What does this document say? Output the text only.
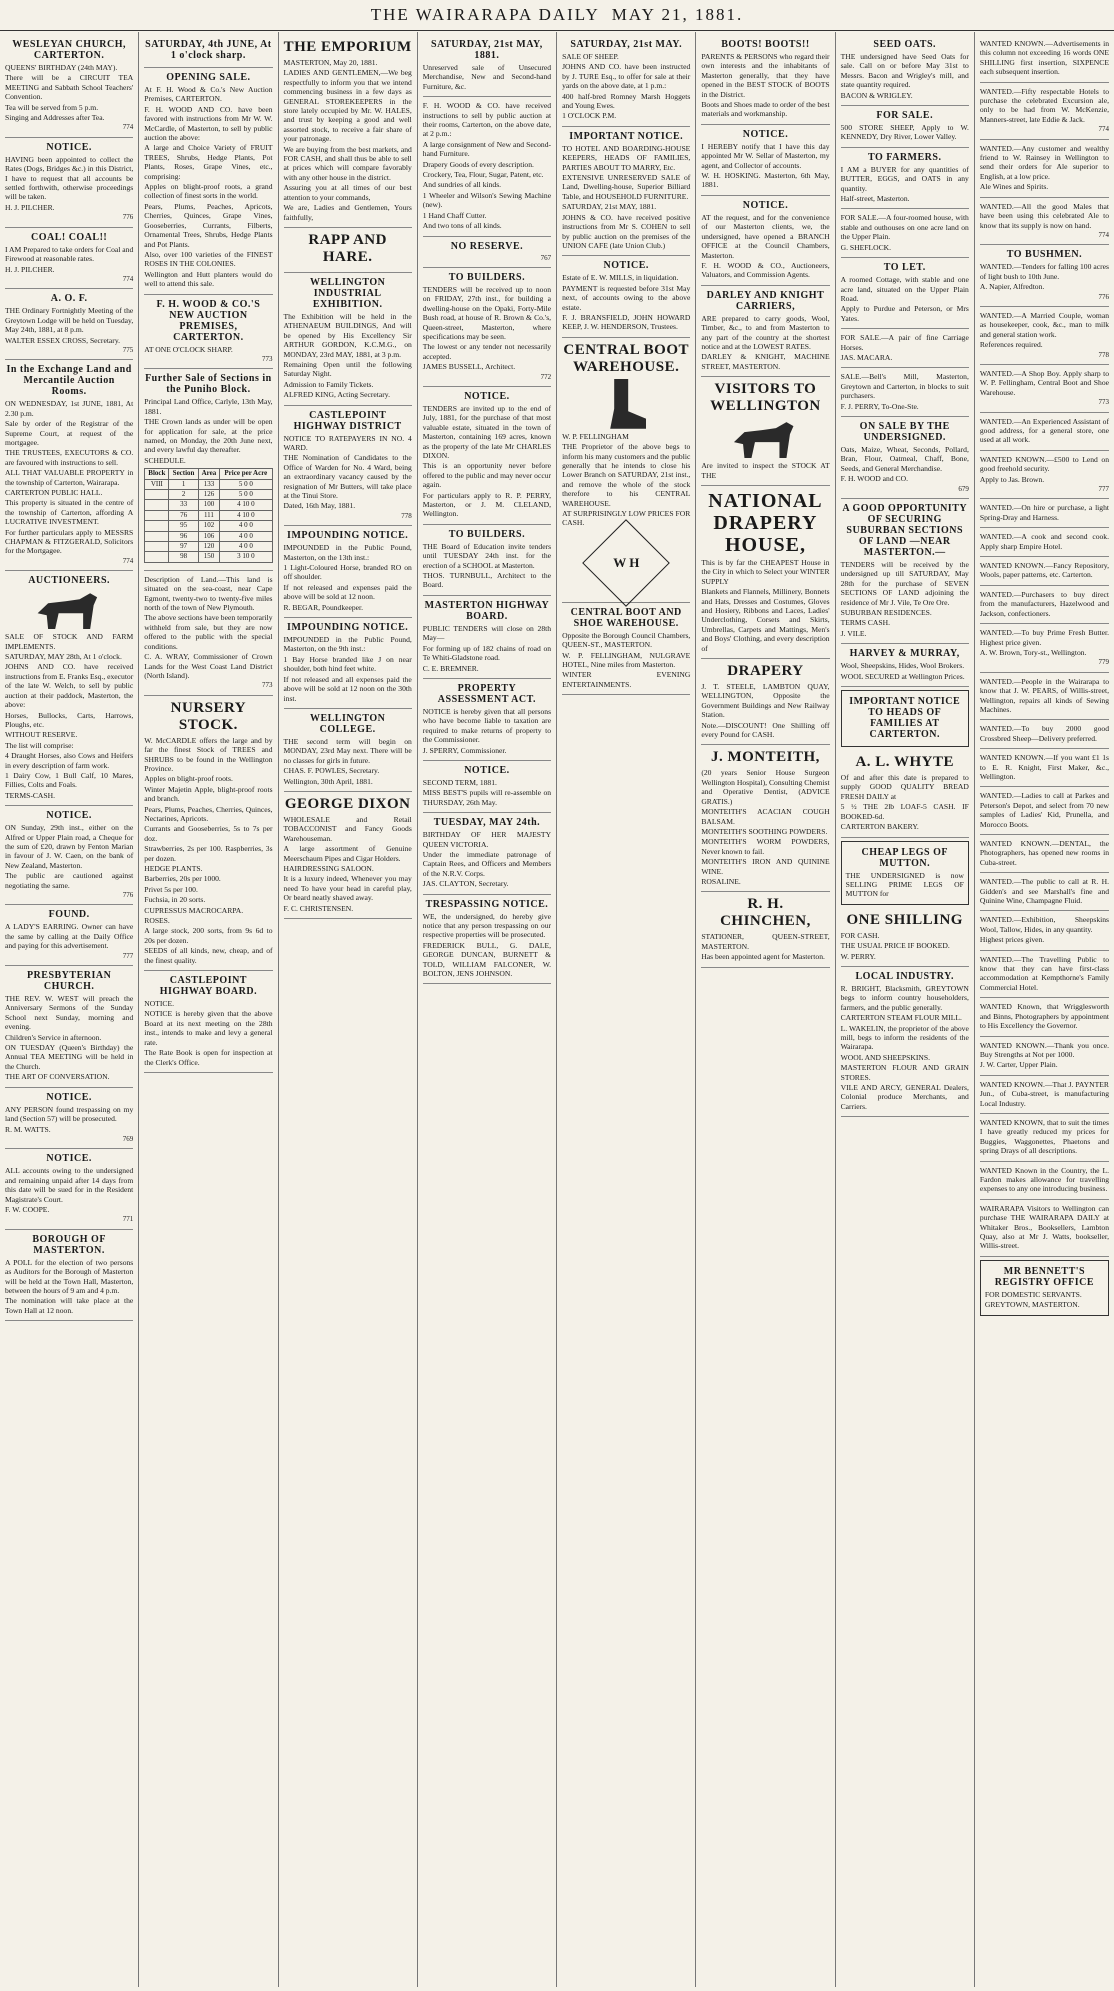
THE WAIRARAPA DAILY MAY 21, 1881.
WESLEYAN CHURCH, CARTERTON.

QUEENS' BIRTHDAY (24th MAY).

There will be a CIRCUIT TEA MEETING and Sabbath School Teachers' Convention.

Tea will be served from 5 p.m.

Singing and Addresses after Tea.

774
NOTICE.

HAVING been appointed to collect the Rates (Dogs, Bridges &c.) in this District, I have to request that all accounts be settled forthwith, otherwise proceedings will be taken.

H. J. PILCHER.

776
COAL! COAL!!

I AM Prepared to take orders for Coal and Firewood at reasonable rates.

H. J. PILCHER.

774
A. O. F.

THE Ordinary Fortnightly Meeting of the Greytown Lodge will be held on Tuesday, May 24th, 1881, at 8 p.m.

WALTER ESSEX CROSS, Secretary.

775
In the Exchange Land and Mercantile Auction Rooms.

ON WEDNESDAY, 1st JUNE, 1881, At 2.30 p.m.

Sale by order of the Registrar of the Supreme Court, at request of the mortgagee.

THE TRUSTEES, EXECUTORS & CO. are favoured with instructions to sell.

ALL THAT VALUABLE PROPERTY in the township of Carterton, Wairarapa.

CARTERTON PUBLIC HALL.

This property is situated in the centre of the township of Carterton, affording A LUCRATIVE INVESTMENT.

For further particulars apply to MESSRS CHAPMAN & FITZGERALD, Solicitors for the Mortgagee.

774
AUCTIONEERS.

SALE OF STOCK AND FARM IMPLEMENTS.

SATURDAY, MAY 28th, At 1 o'clock.

JOHNS AND CO. have received instructions from E. Franks Esq., executor of the late W. Welch, to sell by public auction at their paddock, Masterton, the above:

Horses, Bullocks, Carts, Harrows, Ploughs, etc.

WITHOUT RESERVE.

The list will comprise:

4 Draught Horses, also Cows and Heifers in every description of farm work.

1 Dairy Cow, 1 Bull Calf, 10 Mares, Fillies, Colts and Foals.

TERMS-CASH.

NOTICE.

ON Sunday, 29th inst., either on the Alfred or Upper Plain road, a Cheque for the sum of £20, drawn by Fenton Marian in favour of J. W. Caen, on the bank of New Zealand, Masterton.

The public are cautioned against negotiating the same.

776
FOUND.

A LADY'S EARRING. Owner can have the same by calling at the Daily Office and paying for this advertisement.

777
PRESBYTERIAN CHURCH.

THE REV. W. WEST will preach the Anniversary Sermons of the Sunday School next Sunday, morning and evening.

Children's Service in afternoon.

ON TUESDAY (Queen's Birthday) the Annual TEA MEETING will be held in the Church.

THE ART OF CONVERSATION.

NOTICE.

ANY PERSON found trespassing on my land (Section 57) will be prosecuted.

R. M. WATTS.

769
NOTICE.

ALL accounts owing to the undersigned and remaining unpaid after 14 days from this date will be sued for in the Resident Magistrate's Court.

F. W. COOPE.

771
BOROUGH OF MASTERTON.

A POLL for the election of two persons as Auditors for the Borough of Masterton will be held at the Town Hall, Masterton, between the hours of 9 am and 4 p.m.

The nomination will take place at the Town Hall at 12 noon.

SATURDAY, 4th JUNE, At 1 o'clock sharp.
OPENING SALE.

At F. H. Wood & Co.'s New Auction Premises, CARTERTON.

F. H. WOOD AND CO. have been favored with instructions from Mr W. W. McCardle, of Masterton, to sell by public auction the above:

A large and Choice Variety of FRUIT TREES, Shrubs, Hedge Plants, Pot Plants, Roses, Grape Vines, etc., comprising:

Apples on blight-proof roots, a grand collection of finest sorts in the world.

Pears, Plums, Peaches, Apricots, Cherries, Quinces, Grape Vines, Gooseberries, Currants, Filberts, Ornamental Trees, Shrubs, Hedge Plants and Pot Plants.

Also, over 100 varieties of the FINEST ROSES IN THE COLONIES.

Wellington and Hutt planters would do well to attend this sale.

F. H. WOOD & CO.'S NEW AUCTION PREMISES, CARTERTON.

AT ONE O'CLOCK SHARP.

773
Further Sale of Sections in the Puniho Block.

Principal Land Office, Carlyle, 13th May, 1881.

THE Crown lands as under will be open for application for sale, at the price named, on Monday, the 20th June next, and every lawful day thereafter.

SCHEDULE.

Block	Section	Area	Price per Acre
VIII	1	133	5 0 0
	2	126	5 0 0
	33	100	4 10 0
	76	111	4 10 0
	95	102	4 0 0
	96	106	4 0 0
	97	120	4 0 0
	98	150	3 10 0

Description of Land.—This land is situated on the sea-coast, near Cape Egmont, twenty-two to twenty-five miles north of the town of New Plymouth.

The above sections have been temporarily withheld from sale, but they are now offered to the public with the special conditions.

C. A. WRAY, Commissioner of Crown Lands for the West Coast Land District (North Island).

773
NURSERY STOCK.

W. McCARDLE offers the large and by far the finest Stock of TREES and SHRUBS to be found in the Wellington Province.

Apples on blight-proof roots.

Winter Majetin Apple, blight-proof roots and branch.

Pears, Plums, Peaches, Cherries, Quinces, Nectarines, Apricots.

Currants and Gooseberries, 5s to 7s per doz.

Strawberries, 2s per 100. Raspberries, 3s per dozen.

HEDGE PLANTS.

Barberries, 20s per 1000.

Privet 5s per 100.

Fuchsia, in 20 sorts.

CUPRESSUS MACROCARPA.

ROSES.

A large stock, 200 sorts, from 9s 6d to 20s per dozen.

SEEDS of all kinds, new, cheap, and of the finest quality.

CASTLEPOINT HIGHWAY BOARD.

NOTICE.

NOTICE is hereby given that the above Board at its next meeting on the 28th inst., intends to make and levy a general rate.

The Rate Book is open for inspection at the Clerk's Office.

THE EMPORIUM

MASTERTON, May 20, 1881.

LADIES AND GENTLEMEN,—We beg respectfully to inform you that we intend commencing business in a few days as GENERAL STOREKEEPERS in the store lately occupied by Mr. W. HALES, and trust by keeping a good and well assorted stock, to receive a fair share of your patronage.

We are buying from the best markets, and FOR CASH, and shall thus be able to sell at prices which will compare favorably with any other house in the district.

Assuring you at all times of our best attention to your commands,

We are, Ladies and Gentlemen, Yours faithfully,

RAPP AND HARE.
WELLINGTON INDUSTRIAL EXHIBITION.

The Exhibition will be held in the ATHENAEUM BUILDINGS, And will be opened by His Excellency Sir ARTHUR GORDON, K.C.M.G., on MONDAY, 23rd MAY, 1881, at 3 p.m.

Remaining Open until the following Saturday Night.

Admission to Family Tickets.

ALFRED KING, Acting Secretary.

CASTLEPOINT HIGHWAY DISTRICT

NOTICE TO RATEPAYERS IN NO. 4 WARD.

THE Nomination of Candidates to the Office of Warden for No. 4 Ward, being an extraordinary vacancy caused by the resignation of Mr Butters, will take place at the Tinui Store.

Dated, 16th May, 1881.

778
IMPOUNDING NOTICE.

IMPOUNDED in the Public Pound, Masterton, on the 13th inst.:

1 Light-Coloured Horse, branded RO on off shoulder.

If not released and expenses paid the above will be sold at 12 noon.

R. BEGAR, Poundkeeper.

IMPOUNDING NOTICE.

IMPOUNDED in the Public Pound, Masterton, on the 9th inst.:

1 Bay Horse branded like J on near shoulder, both hind feet white.

If not released and all expenses paid the above will be sold at 12 noon on the 30th inst.

WELLINGTON COLLEGE.

THE second term will begin on MONDAY, 23rd May next. There will be no classes for girls in future.

CHAS. F. POWLES, Secretary.

Wellington, 30th April, 1881.

GEORGE DIXON

WHOLESALE and Retail TOBACCONIST and Fancy Goods Warehouseman.

A large assortment of Genuine Meerschaum Pipes and Cigar Holders.

HAIRDRESSING SALOON.

It is a luxury indeed, Whenever you may need To have your head in careful play, Or beard neatly shaved away.

F. C. CHRISTENSEN.

SATURDAY, 21st MAY, 1881.

Unreserved sale of Unsecured Merchandise, New and Second-hand Furniture, &c.

F. H. WOOD & CO. have received instructions to sell by public auction at their rooms, Carterton, on the above date, at 2 p.m.:

A large consignment of New and Second-hand Furniture.

Drapery Goods of every description.

Crockery, Tea, Flour, Sugar, Patent, etc.

And sundries of all kinds.

1 Wheeler and Wilson's Sewing Machine (new).

1 Hand Chaff Cutter.

And two tons of all kinds.

NO RESERVE.
767
TO BUILDERS.

TENDERS will be received up to noon on FRIDAY, 27th inst., for building a dwelling-house on the Opaki, Forty-Mile Bush road, at house of R. Brown & Co.'s, Queen-street, Masterton, where specifications may be seen.

The lowest or any tender not necessarily accepted.

JAMES BUSSELL, Architect.

772
NOTICE.

TENDERS are invited up to the end of July, 1881, for the purchase of that most valuable estate, situated in the town of Masterton, containing 169 acres, known as the property of the late Mr CHARLES DIXON.

This is an opportunity never before offered to the public and may never occur again.

For particulars apply to R. P. PERRY, Masterton, or J. M. CLELAND, Wellington.

TO BUILDERS.

THE Board of Education invite tenders until TUESDAY 24th inst. for the erection of a SCHOOL at Masterton.

THOS. TURNBULL, Architect to the Board.

MASTERTON HIGHWAY BOARD.

PUBLIC TENDERS will close on 28th May—

For forming up of 182 chains of road on Te Whiti-Gladstone road.

C. E. BREMNER.

PROPERTY ASSESSMENT ACT.

NOTICE is hereby given that all persons who have become liable to taxation are required to make returns of property to the Commissioner.

J. SPERRY, Commissioner.

NOTICE.

SECOND TERM, 1881.

MISS BEST'S pupils will re-assemble on THURSDAY, 26th May.

TUESDAY, MAY 24th.

BIRTHDAY OF HER MAJESTY QUEEN VICTORIA.

Under the immediate patronage of Captain Rees, and Officers and Members of the N.R.V. Corps.

JAS. CLAYTON, Secretary.

TRESPASSING NOTICE.

WE, the undersigned, do hereby give notice that any person trespassing on our respective properties will be prosecuted.

FREDERICK BULL, G. DALE, GEORGE DUNCAN, BURNETT & TOLD, WILLIAM FALCONER, W. BOLTON, JENS JOHNSON.

SATURDAY, 21st MAY.

SALE OF SHEEP.

JOHNS AND CO. have been instructed by J. TURE Esq., to offer for sale at their yards on the above date, at 1 p.m.:

400 half-bred Romney Marsh Hoggets and Young Ewes.

1 O'CLOCK P.M.

IMPORTANT NOTICE.

TO HOTEL AND BOARDING-HOUSE KEEPERS, HEADS OF FAMILIES, PARTIES ABOUT TO MARRY, Etc.

EXTENSIVE UNRESERVED SALE of Land, Dwelling-house, Superior Billiard Table, and HOUSEHOLD FURNITURE.

SATURDAY, 21st MAY, 1881.

JOHNS & CO. have received positive instructions from Mr S. COHEN to sell by public auction on the premises of the UNION CAFE (late Union Club.)

NOTICE.

Estate of E. W. MILLS, in liquidation.

PAYMENT is requested before 31st May next, of accounts owing to the above estate.

F. J. BRANSFIELD, JOHN HOWARD KEEP, J. W. HENDERSON, Trustees.

CENTRAL BOOT WAREHOUSE.

W. P. FELLINGHAM

THE Proprietor of the above begs to inform his many customers and the public generally that he intends to close his Lower Branch on SATURDAY, 21st inst., and remove the whole of the stock therefore to his CENTRAL WAREHOUSE.

AT SURPRISINGLY LOW PRICES FOR CASH.

W H
CENTRAL BOOT AND SHOE WAREHOUSE.

Opposite the Borough Council Chambers, QUEEN-ST., MASTERTON.

W. P. FELLINGHAM, NULGRAVE HOTEL, Nine miles from Masterton.

WINTER EVENING ENTERTAINMENTS.

BOOTS! BOOTS!!

PARENTS & PERSONS who regard their own interests and the inhabitants of Masterton generally, that they have opened in the BEST STOCK of BOOTS in the District.

Boots and Shoes made to order of the best materials and workmanship.

NOTICE.

I HEREBY notify that I have this day appointed Mr W. Sellar of Masterton, my agent, and Collector of accounts.

W. H. HOSKING. Masterton, 6th May, 1881.

NOTICE.

AT the request, and for the convenience of our Masterton clients, we, the undersigned, have opened a BRANCH OFFICE at the Council Chambers, Masterton.

F. H. WOOD & CO., Auctioneers, Valuators, and Commission Agents.

DARLEY AND KNIGHT CARRIERS,

ARE prepared to carry goods, Wool, Timber, &c., to and from Masterton to any part of the country at the shortest notice and at the LOWEST RATES.

DARLEY & KNIGHT, MACHINE STREET, MASTERTON.

VISITORS TO WELLINGTON

Are invited to inspect the STOCK AT THE

NATIONAL DRAPERY HOUSE,

This is by far the CHEAPEST House in the City in which to Select your WINTER SUPPLY

Blankets and Flannels, Millinery, Bonnets and Hats, Dresses and Costumes, Gloves and Hosiery, Ribbons and Laces, Ladies' Underclothing, Corsets and Skirts, Umbrellas, Carpets and Mattings, Men's and Boys' Clothing, and every description of

DRAPERY

J. T. STEELE, LAMBTON QUAY, WELLINGTON, Opposite the Government Buildings and New Railway Station.

Note.—DISCOUNT! One Shilling off every Pound for CASH.

J. MONTEITH,

(20 years Senior House Surgeon Wellington Hospital), Consulting Chemist and Operative Dentist, (ADVICE GRATIS.)

MONTEITH'S ACACIAN COUGH BALSAM.

MONTEITH'S SOOTHING POWDERS.

MONTEITH'S WORM POWDERS, Never known to fail.

MONTEITH'S IRON AND QUININE WINE.

ROSALINE.

R. H. CHINCHEN,

STATIONER, QUEEN-STREET, MASTERTON.

Has been appointed agent for Masterton.

SEED OATS.

THE undersigned have Seed Oats for sale. Call on or before May 31st to Messrs. Bacon and Wrigley's mill, and state quantity required.

BACON & WRIGLEY.

FOR SALE.

500 STORE SHEEP, Apply to W. KENNEDY, Dry River, Lower Valley.

TO FARMERS.

I AM a BUYER for any quantities of BUTTER, EGGS, and OATS in any quantity.

Half-street, Masterton.

FOR SALE.—A four-roomed house, with stable and outhouses on one acre land on the Upper Plain.

G. SHEFLOCK.

TO LET.

A roomed Cottage, with stable and one acre land, situated on the Upper Plain Road.

Apply to Purdue and Peterson, or Mrs Yates.

FOR SALE.—A pair of fine Carriage Horses.

JAS. MACARA.

SALE.—Bell's Mill, Masterton, Greytown and Carterton, in blocks to suit purchasers.

F. J. PERRY, To-One-Ste.

ON SALE BY THE UNDERSIGNED.

Oats, Maize, Wheat, Seconds, Pollard, Bran, Flour, Oatmeal, Chaff, Bone, Seeds, and General Merchandise.

F. H. WOOD and CO.

679
A GOOD OPPORTUNITY OF SECURING SUBURBAN SECTIONS OF LAND —NEAR MASTERTON.—

TENDERS will be received by the undersigned up till SATURDAY, May 28th for the purchase of SEVEN SECTIONS OF LAND adjoining the residence of Mr J. Vile, Te Ore Ore.

SUBURBAN RESIDENCES.

TERMS CASH.

J. VILE.

HARVEY & MURRAY,

Wool, Sheepskins, Hides, Wool Brokers.

WOOL SECURED at Wellington Prices.

IMPORTANT NOTICE TO HEADS OF FAMILIES AT CARTERTON.
A. L. WHYTE

Of and after this date is prepared to supply GOOD QUALITY BREAD FRESH DAILY at

5 ½ THE 2lb LOAF-5 CASH. IF BOOKED-6d.

CARTERTON BAKERY.

CHEAP LEGS OF MUTTON.

THE UNDERSIGNED is now SELLING PRIME LEGS OF MUTTON for

ONE SHILLING

FOR CASH.

THE USUAL PRICE IF BOOKED.

W. PERRY.

LOCAL INDUSTRY.

R. BRIGHT, Blacksmith, GREYTOWN begs to inform country householders, farmers, and the public generally.

CARTERTON STEAM FLOUR MILL.

L. WAKELIN, the proprietor of the above mill, begs to inform the residents of the Wairarapa.

WOOL AND SHEEPSKINS.

MASTERTON FLOUR AND GRAIN STORES.

VILE AND ARCY, GENERAL Dealers, Colonial produce Merchants, and Carriers.

WANTED KNOWN.—Advertisements in this column not exceeding 16 words ONE SHILLING first insertion, SIXPENCE each subsequent insertion.

WANTED.—Fifty respectable Hotels to purchase the celebrated Excursion ale, only to be had from W. McKenzie, Manners-street, late Eddie & Jack.

774

WANTED.—Any customer and wealthy friend to W. Rainsey in Wellington to send their orders for Ale superior to English, at a low price.

Ale Wines and Spirits.

WANTED.—All the good Males that have been using this celebrated Ale to know that its supply is now on hand.

774
TO BUSHMEN.

WANTED.—Tenders for falling 100 acres of light bush to 10th June.

A. Napier, Alfredton.

776

WANTED.—A Married Couple, woman as housekeeper, cook, &c., man to milk and general station work.

References required.

778

WANTED.—A Shop Boy. Apply sharp to W. P. Fellingham, Central Boot and Shoe Warehouse.

773

WANTED.—An Experienced Assistant of good address, for a general store, one used at all work.

WANTED KNOWN.—£500 to Lend on good freehold security.

Apply to Jas. Brown.

777

WANTED.—On hire or purchase, a light Spring-Dray and Harness.

WANTED.—A cook and second cook. Apply sharp Empire Hotel.

WANTED KNOWN.—Fancy Repository, Wools, paper patterns, etc. Carterton.

WANTED.—Purchasers to buy direct from the manufacturers, Hazelwood and Jackson, confectioners.

WANTED.—To buy Prime Fresh Butter. Highest price given.

A. W. Brown, Tory-st., Wellington.

779

WANTED.—People in the Wairarapa to know that J. W. PEARS, of Willis-street, Wellington, repairs all kinds of Sewing Machines.

WANTED.—To buy 2000 good Crossbred Sheep—Delivery preferred.

WANTED KNOWN.—If you want £1 1s to E. R. Knight, First Maker, &c., Wellington.

WANTED.—Ladies to call at Parkes and Peterson's Depot, and select from 70 new samples of Ladies' Kid, Prunella, and Morocco Boots.

WANTED KNOWN.—DENTAL, the Photographers, has opened new rooms in Cuba-street.

WANTED.—The public to call at R. H. Gidden's and see Marshall's fine and Quinine Wine, Champagne Fluid.

WANTED.—Exhibition, Sheepskins Wool, Tallow, Hides, in any quantity.

Highest prices given.

WANTED.—The Travelling Public to know that they can have first-class accommodation at Kempthorne's Family Commercial Hotel.

WANTED Known, that Wrigglesworth and Binns, Photographers by appointment to His Excellency the Governor.

WANTED KNOWN.—Thank you once. Buy Strengths at Not per 1000.

J. W. Carter, Upper Plain.

WANTED KNOWN.—That J. PAYNTER Jun., of Cuba-street, is manufacturing Local Industry.

WANTED KNOWN, that to suit the times I have greatly reduced my prices for Buggies, Waggonettes, Phaetons and spring Drays of all descriptions.

WANTED Known in the Country, the L. Fardon makes allowance for travelling expenses to any one introducing business.

WAIRARAPA Visitors to Wellington can purchase THE WAIRARAPA DAILY at Whitaker Bros., Booksellers, Lambton Quay, also at Mr J. Watts, bookseller, Willis-street.

MR BENNETT'S REGISTRY OFFICE

FOR DOMESTIC SERVANTS.

GREYTOWN, MASTERTON.
